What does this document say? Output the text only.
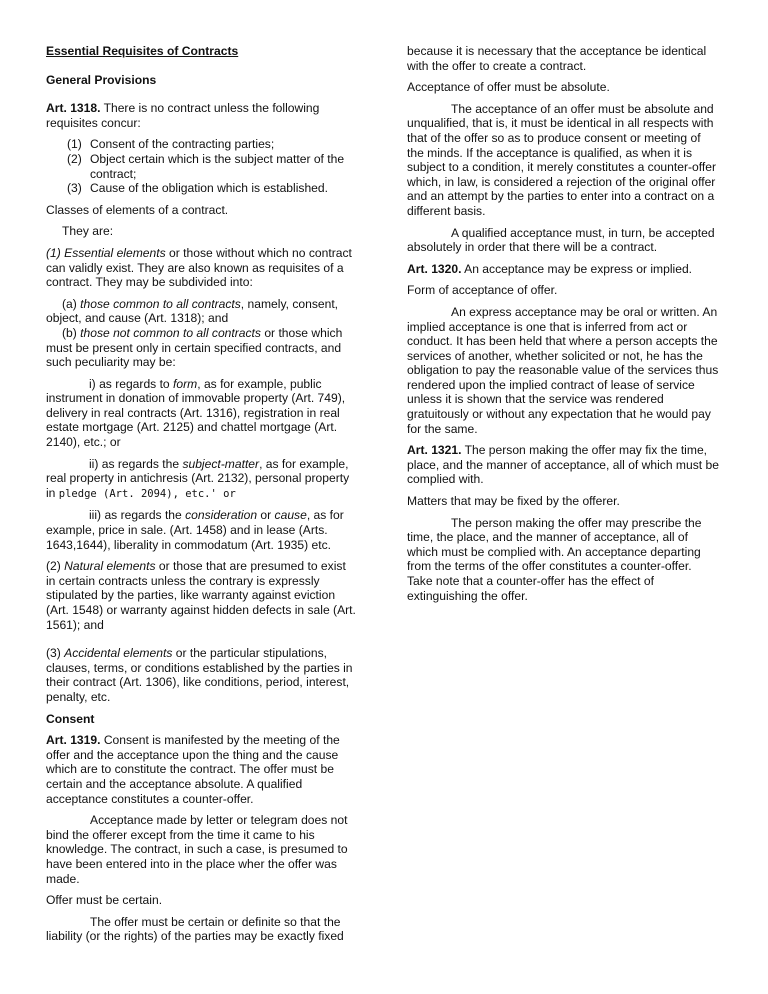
Essential Requisites of Contracts

General Provisions

Art. 1318. There is no contract unless the following requisites concur:

(1) Consent of the contracting parties;
(2) Object certain which is the subject matter of the contract;
(3) Cause of the obligation which is established.

Classes of elements of a contract.

They are:

(1) Essential elements or those without which no contract can validly exist. They are also known as requisites of a contract. They may be subdivided into:

(a) those common to all contracts, namely, consent, object, and cause (Art. 1318); and

(b) those not common to all contracts or those which must be present only in certain specified contracts, and such peculiarity may be:

i) as regards to form, as for example, public instrument in donation of immovable property (Art. 749), delivery in real contracts (Art. 1316), registration in real estate mortgage (Art. 2125) and chattel mortgage (Art. 2140), etc.; or

ii) as regards the subject-matter, as for example, real property in antichresis (Art. 2132), personal property in pledge (Art. 2094), etc.' or

iii) as regards the consideration or cause, as for example, price in sale. (Art. 1458) and in lease (Arts. 1643,1644), liberality in commodatum (Art. 1935) etc.

(2) Natural elements or those that are presumed to exist in certain contracts unless the contrary is expressly stipulated by the parties, like warranty against eviction (Art. 1548) or warranty against hidden defects in sale (Art. 1561); and

(3) Accidental elements or the particular stipulations, clauses, terms, or conditions established by the parties in their contract (Art. 1306), like conditions, period, interest, penalty, etc.

Consent

Art. 1319. Consent is manifested by the meeting of the offer and the acceptance upon the thing and the cause which are to constitute the contract. The offer must be certain and the acceptance absolute. A qualified acceptance constitutes a counter-offer.

Acceptance made by letter or telegram does not bind the offerer except from the time it came to his knowledge. The contract, in such a case, is presumed to have been entered into in the place wher the offer was made.

Offer must be certain.

The offer must be certain or definite so that the liability (or the rights) of the parties may be exactly fixed

because it is necessary that the acceptance be identical with the offer to create a contract.

Acceptance of offer must be absolute.

The acceptance of an offer must be absolute and unqualified, that is, it must be identical in all respects with that of the offer so as to produce consent or meeting of the minds. If the acceptance is qualified, as when it is subject to a condition, it merely constitutes a counter-offer which, in law, is considered a rejection of the original offer and an attempt by the parties to enter into a contract on a different basis.

A qualified acceptance must, in turn, be accepted absolutely in order that there will be a contract.

Art. 1320. An acceptance may be express or implied.

Form of acceptance of offer.

An express acceptance may be oral or written. An implied acceptance is one that is inferred from act or conduct. It has been held that where a person accepts the services of another, whether solicited or not, he has the obligation to pay the reasonable value of the services thus rendered upon the implied contract of lease of service unless it is shown that the service was rendered gratuitously or without any expectation that he would pay for the same.

Art. 1321. The person making the offer may fix the time, place, and the manner of acceptance, all of which must be complied with.

Matters that may be fixed by the offerer.

The person making the offer may prescribe the time, the place, and the manner of acceptance, all of which must be complied with. An acceptance departing from the terms of the offer constitutes a counter-offer. Take note that a counter-offer has the effect of extinguishing the offer.
